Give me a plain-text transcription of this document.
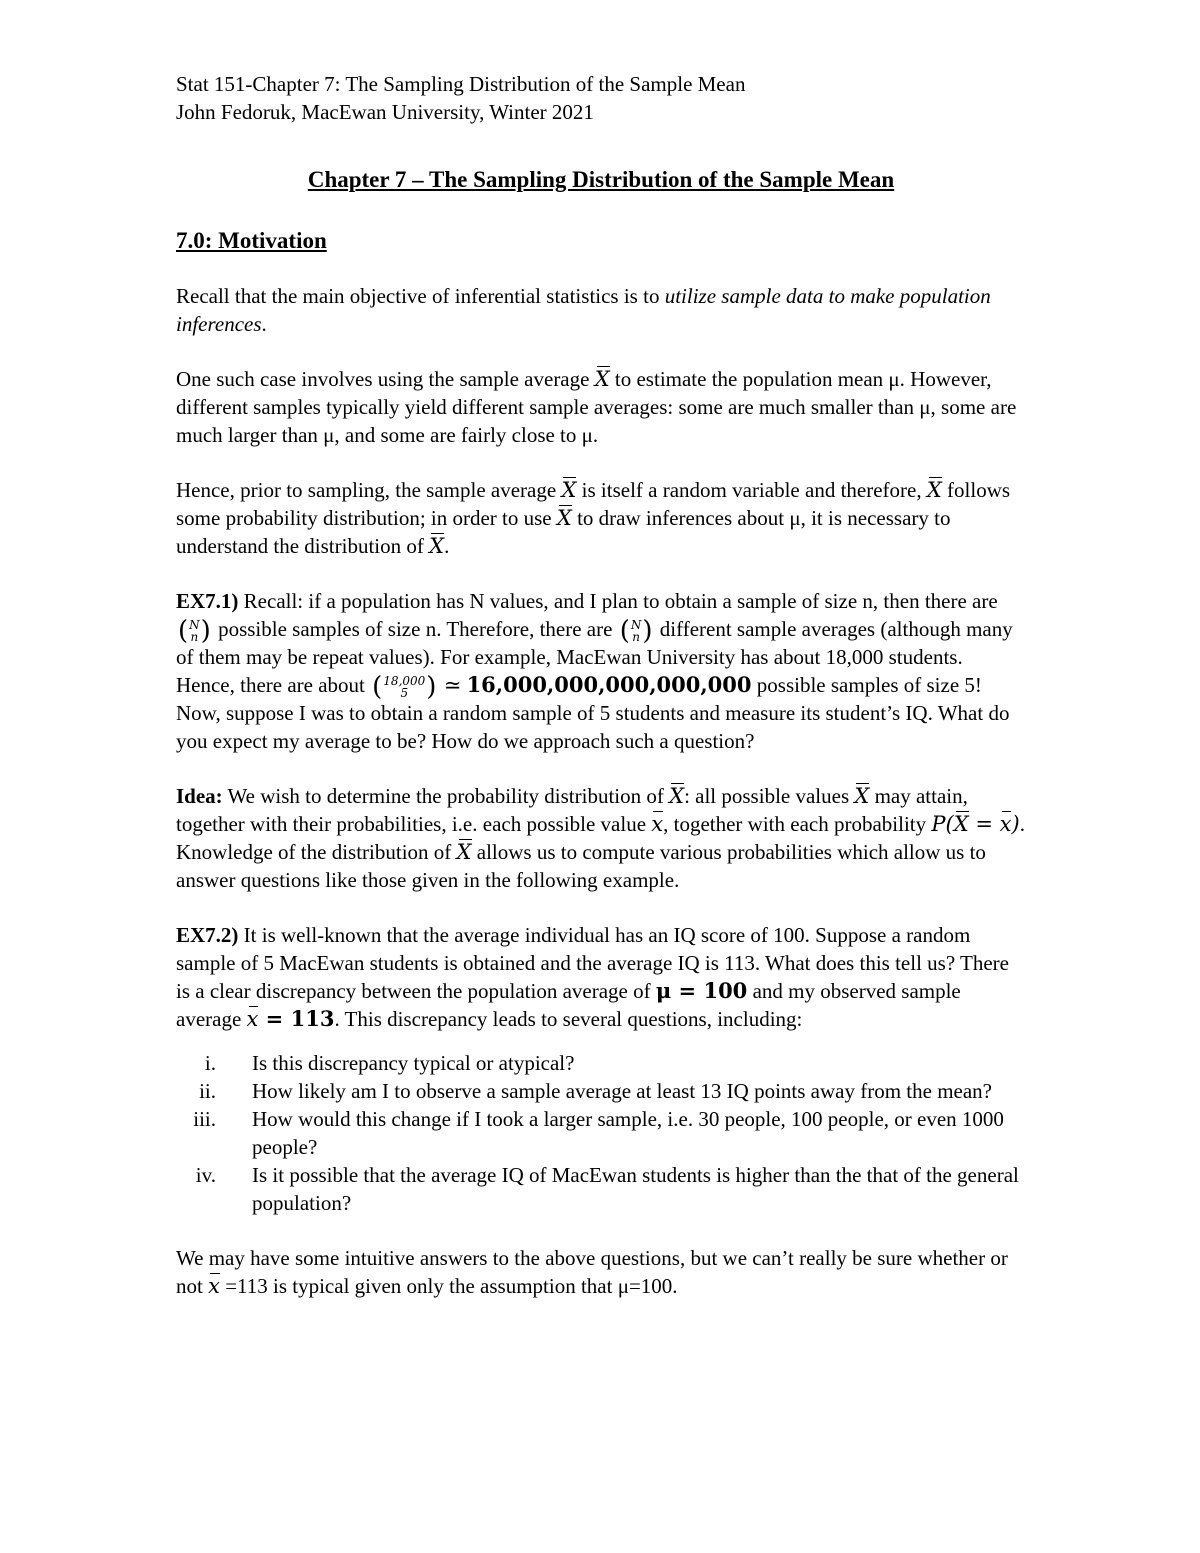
Stat 151-Chapter 7: The Sampling Distribution of the Sample Mean

John Fedoruk, MacEwan University, Winter 2021

Chapter 7 – The Sampling Distribution of the Sample Mean

7.0: Motivation

Recall that the main objective of inferential statistics is to utilize sample data to make population inferences.

One such case involves using the sample average X to estimate the population mean μ. However, different samples typically yield different sample averages: some are much smaller than μ, some are much larger than μ, and some are fairly close to μ.

Hence, prior to sampling, the sample average X is itself a random variable and therefore, X follows some probability distribution; in order to use X to draw inferences about μ, it is necessary to understand the distribution of X.

EX7.1) Recall: if a population has N values, and I plan to obtain a sample of size n, then there are
( N
n ) possible samples of size n. Therefore, there are ( N
n ) different sample averages (although many of them may be repeat values). For example, MacEwan University has about 18,000 students. Hence, there are about ( 18,000
5 ) ≃ 16,000,000,000,000,000 possible samples of size 5! Now, suppose I was to obtain a random sample of 5 students and measure its student’s IQ. What do you expect my average to be? How do we approach such a question?

Idea: We wish to determine the probability distribution of X: all possible values X may attain, together with their probabilities, i.e. each possible value x, together with each probability P(X = x). Knowledge of the distribution of X allows us to compute various probabilities which allow us to answer questions like those given in the following example.

EX7.2) It is well-known that the average individual has an IQ score of 100. Suppose a random sample of 5 MacEwan students is obtained and the average IQ is 113. What does this tell us? There is a clear discrepancy between the population average of μ = 100 and my observed sample average x = 113. This discrepancy leads to several questions, including:

i. Is this discrepancy typical or atypical?
ii. How likely am I to observe a sample average at least 13 IQ points away from the mean?
iii. How would this change if I took a larger sample, i.e. 30 people, 100 people, or even 1000 people?
iv. Is it possible that the average IQ of MacEwan students is higher than the that of the general population?

We may have some intuitive answers to the above questions, but we can’t really be sure whether or not x =113 is typical given only the assumption that μ=100.
